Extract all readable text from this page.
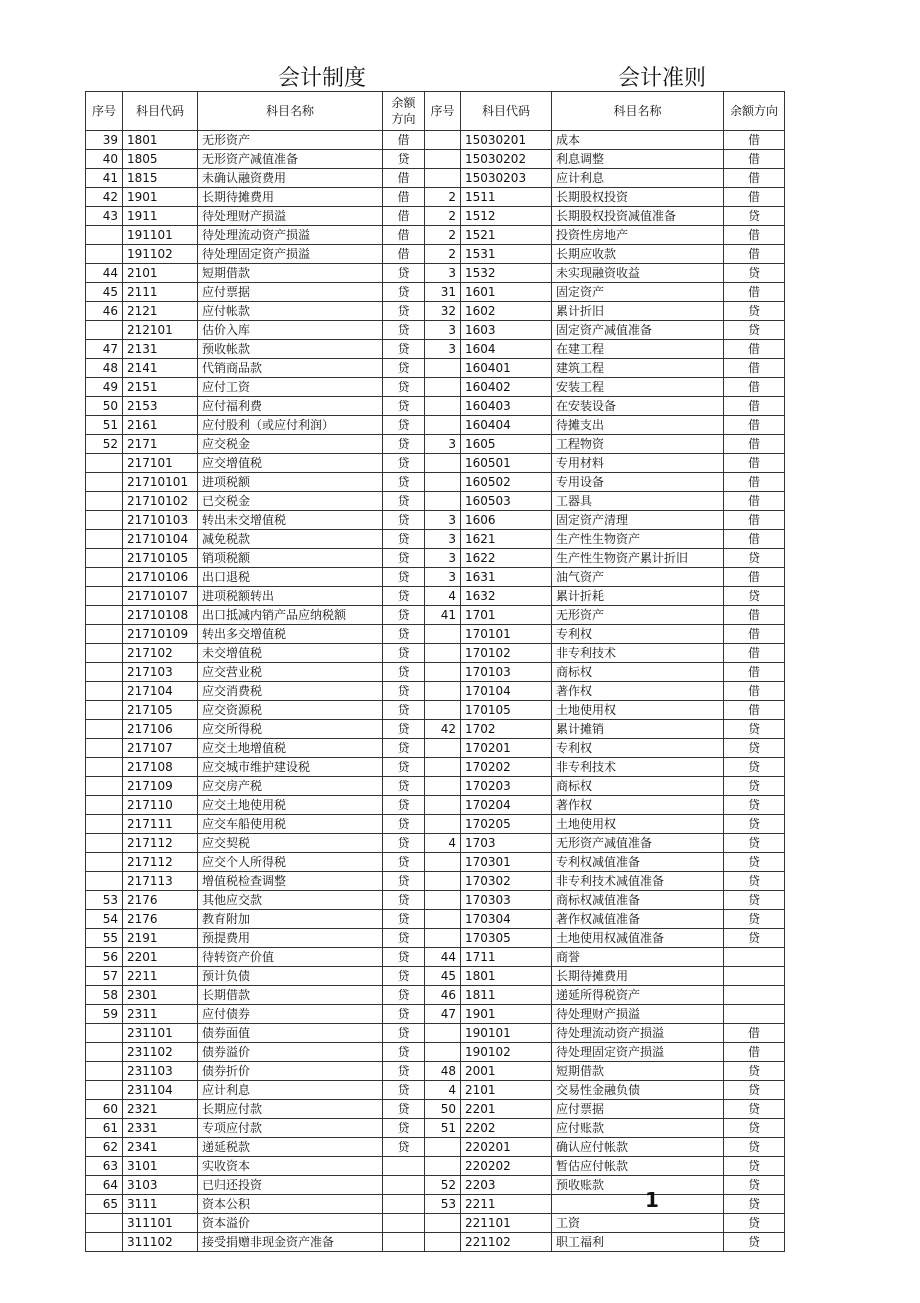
会计制度	会计准则
序号	科目代码	科目名称	余额方向	序号	科目代码	科目名称	余额方向
39	1801	无形资产	借		15030201	成本	借
40	1805	无形资产减值准备	贷		15030202	利息调整	借
41	1815	未确认融资费用	借		15030203	应计利息	借
42	1901	长期待摊费用	借	2	1511	长期股权投资	借
43	1911	待处理财产损溢	借	2	1512	长期股权投资减值准备	贷
	191101	待处理流动资产损溢	借	2	1521	投资性房地产	借
	191102	待处理固定资产损溢	借	2	1531	长期应收款	借
44	2101	短期借款	贷	3	1532	未实现融资收益	贷
45	2111	应付票据	贷	31	1601	固定资产	借
46	2121	应付帐款	贷	32	1602	累计折旧	贷
	212101	估价入库	贷	3	1603	固定资产减值准备	贷
47	2131	预收帐款	贷	3	1604	在建工程	借
48	2141	代销商品款	贷		160401	建筑工程	借
49	2151	应付工资	贷		160402	安装工程	借
50	2153	应付福利费	贷		160403	在安装设备	借
51	2161	应付股利（或应付利润）	贷		160404	待摊支出	借
52	2171	应交税金	贷	3	1605	工程物资	借
	217101	应交增值税	贷		160501	专用材料	借
	21710101	进项税额	贷		160502	专用设备	借
	21710102	已交税金	贷		160503	工器具	借
	21710103	转出未交增值税	贷	3	1606	固定资产清理	借
	21710104	减免税款	贷	3	1621	生产性生物资产	借
	21710105	销项税额	贷	3	1622	生产性生物资产累计折旧	贷
	21710106	出口退税	贷	3	1631	油气资产	借
	21710107	进项税额转出	贷	4	1632	累计折耗	贷
	21710108	出口抵减内销产品应纳税额	贷	41	1701	无形资产	借
	21710109	转出多交增值税	贷		170101	专利权	借
	217102	未交增值税	贷		170102	非专利技术	借
	217103	应交营业税	贷		170103	商标权	借
	217104	应交消费税	贷		170104	著作权	借
	217105	应交资源税	贷		170105	土地使用权	借
	217106	应交所得税	贷	42	1702	累计摊销	贷
	217107	应交土地增值税	贷		170201	专利权	贷
	217108	应交城市维护建设税	贷		170202	非专利技术	贷
	217109	应交房产税	贷		170203	商标权	贷
	217110	应交土地使用税	贷		170204	著作权	贷
	217111	应交车船使用税	贷		170205	土地使用权	贷
	217112	应交契税	贷	4	1703	无形资产减值准备	贷
	217112	应交个人所得税	贷		170301	专利权减值准备	贷
	217113	增值税检查调整	贷		170302	非专利技术减值准备	贷
53	2176	其他应交款	贷		170303	商标权减值准备	贷
54	2176	教育附加	贷		170304	著作权减值准备	贷
55	2191	预提费用	贷		170305	土地使用权减值准备	贷
56	2201	待转资产价值	贷	44	1711	商誉	
57	2211	预计负债	贷	45	1801	长期待摊费用	
58	2301	长期借款	贷	46	1811	递延所得税资产	
59	2311	应付债券	贷	47	1901	待处理财产损溢	
	231101	债券面值	贷		190101	待处理流动资产损溢	借
	231102	债券溢价	贷		190102	待处理固定资产损溢	借
	231103	债券折价	贷	48	2001	短期借款	贷
	231104	应计利息	贷	4	2101	交易性金融负债	贷
60	2321	长期应付款	贷	50	2201	应付票据	贷
61	2331	专项应付款	贷	51	2202	应付账款	贷
62	2341	递延税款	贷		220201	确认应付帐款	贷
63	3101	实收资本			220202	暂估应付帐款	贷
64	3103	已归还投资		52	2203	预收账款	贷
65	3111	资本公积		53	2211		贷
	311101	资本溢价			221101	工资	贷
	311102	接受捐赠非现金资产准备			221102	职工福利	贷
1
